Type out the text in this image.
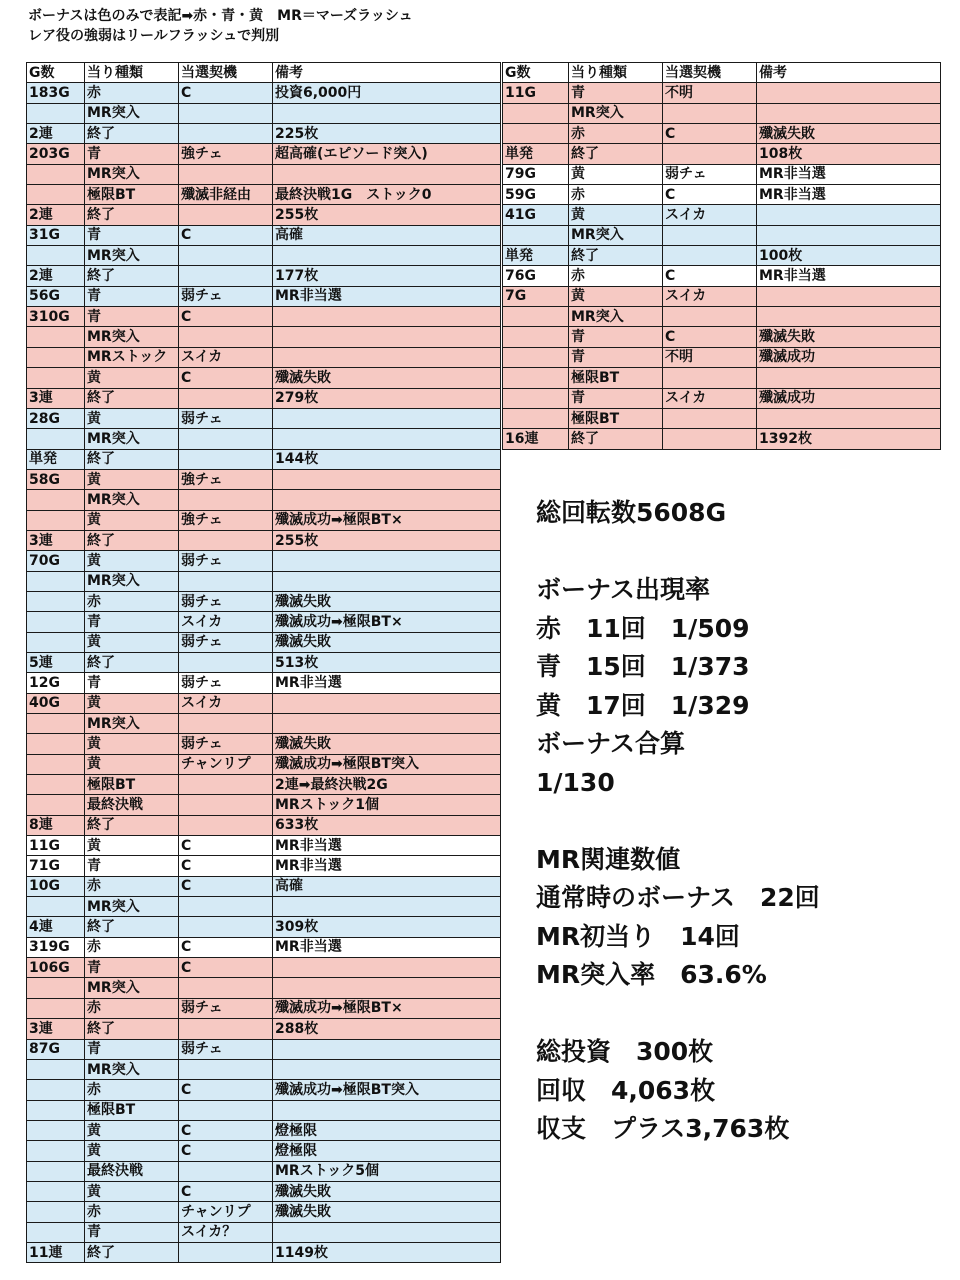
ボーナスは色のみで表記➡赤・青・黄　MR＝マーズラッシュ
レア役の強弱はリールフラッシュで判別
G数	当り種類	当選契機	備考
183G	赤	C	投資6,000円
	MR突入		
2連	終了		225枚
203G	青	強チェ	超高確(エピソード突入)
	MR突入		
	極限BT	殲滅非経由	最終決戦1G　ストック0
2連	終了		255枚
31G	青	C	高確
	MR突入		
2連	終了		177枚
56G	青	弱チェ	MR非当選
310G	青	C	
	MR突入		
	MRストック	スイカ	
	黄	C	殲滅失敗
3連	終了		279枚
28G	黄	弱チェ	
	MR突入		
単発	終了		144枚
58G	黄	強チェ	
	MR突入		
	黄	強チェ	殲滅成功➡極限BT×
3連	終了		255枚
70G	黄	弱チェ	
	MR突入		
	赤	弱チェ	殲滅失敗
	青	スイカ	殲滅成功➡極限BT×
	黄	弱チェ	殲滅失敗
5連	終了		513枚
12G	青	弱チェ	MR非当選
40G	黄	スイカ	
	MR突入		
	黄	弱チェ	殲滅失敗
	黄	チャンリプ	殲滅成功➡極限BT突入
	極限BT		2連➡最終決戦2G
	最終決戦		MRストック1個
8連	終了		633枚
11G	黄	C	MR非当選
71G	青	C	MR非当選
10G	赤	C	高確
	MR突入		
4連	終了		309枚
319G	赤	C	MR非当選
106G	青	C	
	MR突入		
	赤	弱チェ	殲滅成功➡極限BT×
3連	終了		288枚
87G	青	弱チェ	
	MR突入		
	赤	C	殲滅成功➡極限BT突入
	極限BT		
	黄	C	燈極限
	黄	C	燈極限
	最終決戦		MRストック5個
	黄	C	殲滅失敗
	赤	チャンリプ	殲滅失敗
	青	スイカ？	
11連	終了		1149枚
G数	当り種類	当選契機	備考
11G	青	不明	
	MR突入		
	赤	C	殲滅失敗
単発	終了		108枚
79G	黄	弱チェ	MR非当選
59G	赤	C	MR非当選
41G	黄	スイカ	
	MR突入		
単発	終了		100枚
76G	赤	C	MR非当選
7G	黄	スイカ	
	MR突入		
	青	C	殲滅失敗
	青	不明	殲滅成功
	極限BT		
	青	スイカ	殲滅成功
	極限BT		
16連	終了		1392枚
総回転数5608G
ボーナス出現率
赤　11回　1/509
青　15回　1/373
黄　17回　1/329
ボーナス合算
1/130
MR関連数値
通常時のボーナス　22回
MR初当り　14回
MR突入率　63.6%
総投資　300枚
回収　4,063枚
収支　プラス3,763枚
